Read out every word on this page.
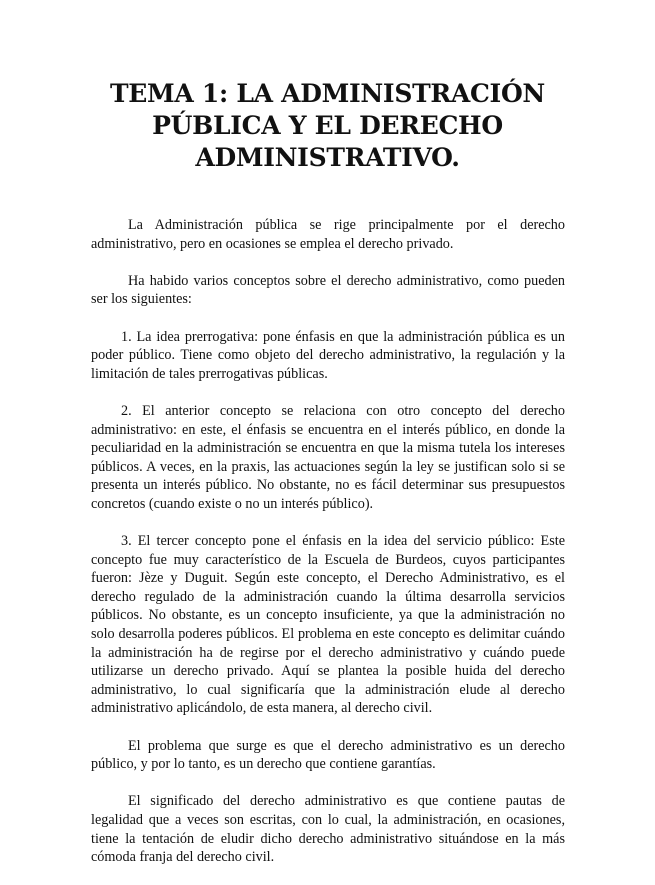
TEMA 1: LA ADMINISTRACIÓN PÚBLICA Y EL DERECHO ADMINISTRATIVO.

La Administración pública se rige principalmente por el derecho administrativo, pero en ocasiones se emplea el derecho privado.

Ha habido varios conceptos sobre el derecho administrativo, como pueden ser los siguientes:

1. La idea prerrogativa: pone énfasis en que la administración pública es un poder público. Tiene como objeto del derecho administrativo, la regulación y la limitación de tales prerrogativas públicas.

2. El anterior concepto se relaciona con otro concepto del derecho administrativo: en este, el énfasis se encuentra en el interés público, en donde la peculiaridad en la administración se encuentra en que la misma tutela los intereses públicos. A veces, en la praxis, las actuaciones según la ley se justifican solo si se presenta un interés público. No obstante, no es fácil determinar sus presupuestos concretos (cuando existe o no un interés público).

3. El tercer concepto pone el énfasis en la idea del servicio público: Este concepto fue muy característico de la Escuela de Burdeos, cuyos participantes fueron: Jèze y Duguit. Según este concepto, el Derecho Administrativo, es el derecho regulado de la administración cuando la última desarrolla servicios públicos. No obstante, es un concepto insuficiente, ya que la administración no solo desarrolla poderes públicos. El problema en este concepto es delimitar cuándo la administración ha de regirse por el derecho administrativo y cuándo puede utilizarse un derecho privado. Aquí se plantea la posible huida del derecho administrativo, lo cual significaría que la administración elude al derecho administrativo aplicándolo, de esta manera, al derecho civil.

El problema que surge es que el derecho administrativo es un derecho público, y por lo tanto, es un derecho que contiene garantías.

El significado del derecho administrativo es que contiene pautas de legalidad que a veces son escritas, con lo cual, la administración, en ocasiones, tiene la tentación de eludir dicho derecho administrativo situándose en la más cómoda franja del derecho civil.
